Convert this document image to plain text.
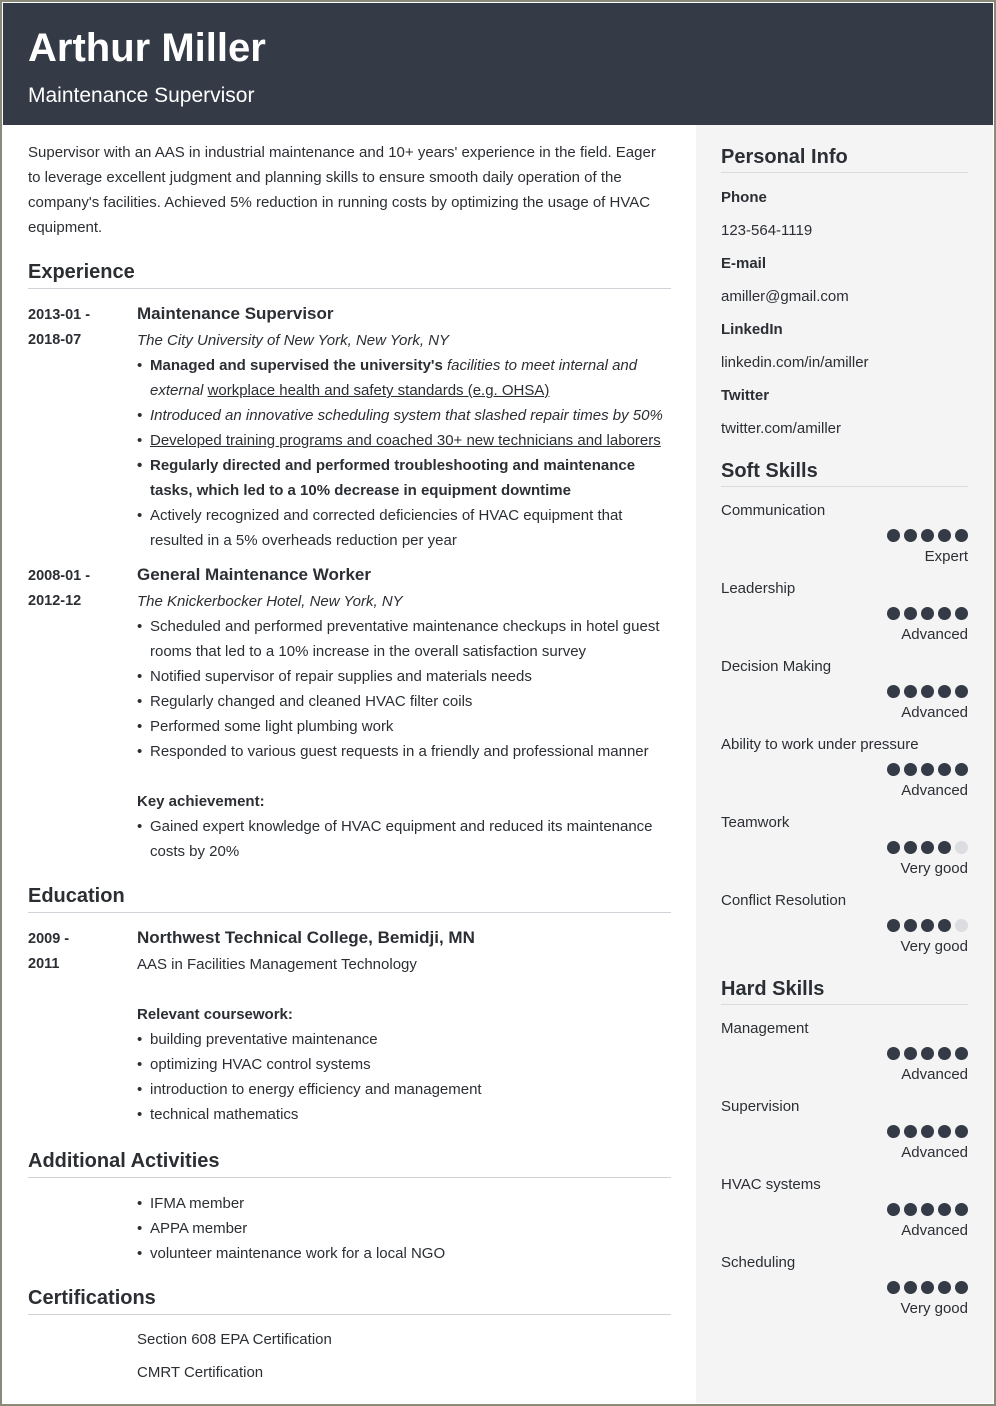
Arthur Miller
Maintenance Supervisor

Supervisor with an AAS in industrial maintenance and 10+ years' experience in the field. Eager to leverage excellent judgment and planning skills to ensure smooth daily operation of the company's facilities. Achieved 5% reduction in running costs by optimizing the usage of HVAC equipment.

Experience
2013-01 -
2018-07
Maintenance Supervisor
The City University of New York, New York, NY
• Managed and supervised the university's facilities to meet internal and external workplace health and safety standards (e.g. OHSA)
• Introduced an innovative scheduling system that slashed repair times by 50%
• Developed training programs and coached 30+ new technicians and laborers
• Regularly directed and performed troubleshooting and maintenance tasks, which led to a 10% decrease in equipment downtime
• Actively recognized and corrected deficiencies of HVAC equipment that resulted in a 5% overheads reduction per year
2008-01 -
2012-12
General Maintenance Worker
The Knickerbocker Hotel, New York, NY
• Scheduled and performed preventative maintenance checkups in hotel guest rooms that led to a 10% increase in the overall satisfaction survey
• Notified supervisor of repair supplies and materials needs
• Regularly changed and cleaned HVAC filter coils
• Performed some light plumbing work
• Responded to various guest requests in a friendly and professional manner
Key achievement:
• Gained expert knowledge of HVAC equipment and reduced its maintenance costs by 20%
Education
2009 -
2011
Northwest Technical College, Bemidji, MN
AAS in Facilities Management Technology
Relevant coursework:
• building preventative maintenance
• optimizing HVAC control systems
• introduction to energy efficiency and management
• technical mathematics
Additional Activities
• IFMA member
• APPA member
• volunteer maintenance work for a local NGO
Certifications
Section 608 EPA Certification
CMRT Certification
Personal Info
Phone
123-564-1119
E-mail
amiller@gmail.com
LinkedIn
linkedin.com/in/amiller
Twitter
twitter.com/amiller
Soft Skills
Communication
Expert
Leadership
Advanced
Decision Making
Advanced
Ability to work under pressure
Advanced
Teamwork
Very good
Conflict Resolution
Very good
Hard Skills
Management
Advanced
Supervision
Advanced
HVAC systems
Advanced
Scheduling
Very good
